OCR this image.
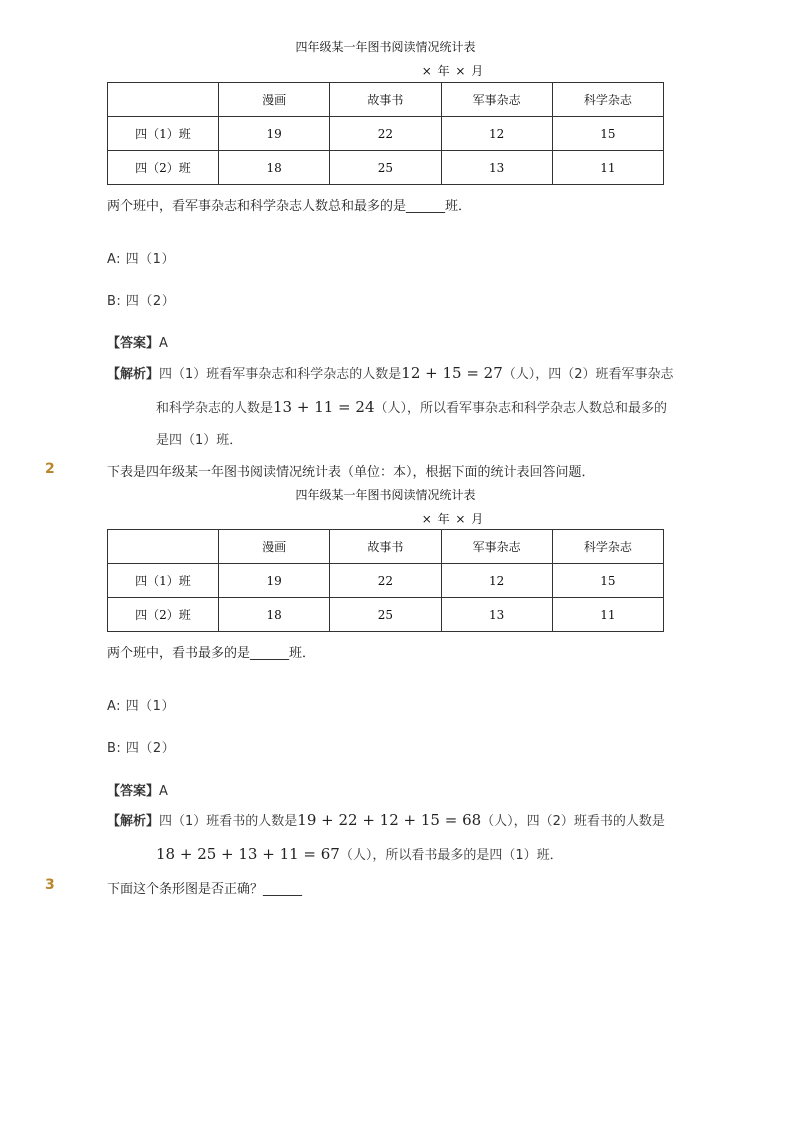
四年级某一年图书阅读情况统计表
× 年 × 月
	漫画	故事书	军事杂志	科学杂志
四（1）班	19	22	12	15
四（2）班	18	25	13	11
两个班中，看军事杂志和科学杂志人数总和最多的是______班．
A: 四（1）
B: 四（2）
【答案】A
【解析】四（1）班看军事杂志和科学杂志的人数是12 + 15 = 27（人），四（2）班看军事杂志
和科学杂志的人数是13 + 11 = 24（人），所以看军事杂志和科学杂志人数总和最多的
是四（1）班．
2	下表是四年级某一年图书阅读情况统计表（单位：本），根据下面的统计表回答问题．
四年级某一年图书阅读情况统计表
× 年 × 月
	漫画	故事书	军事杂志	科学杂志
四（1）班	19	22	12	15
四（2）班	18	25	13	11
两个班中，看书最多的是______班．
A: 四（1）
B: 四（2）
【答案】A
【解析】四（1）班看书的人数是19 + 22 + 12 + 15 = 68（人），四（2）班看书的人数是
18 + 25 + 13 + 11 = 67（人），所以看书最多的是四（1）班．
3	下面这个条形图是否正确？______
